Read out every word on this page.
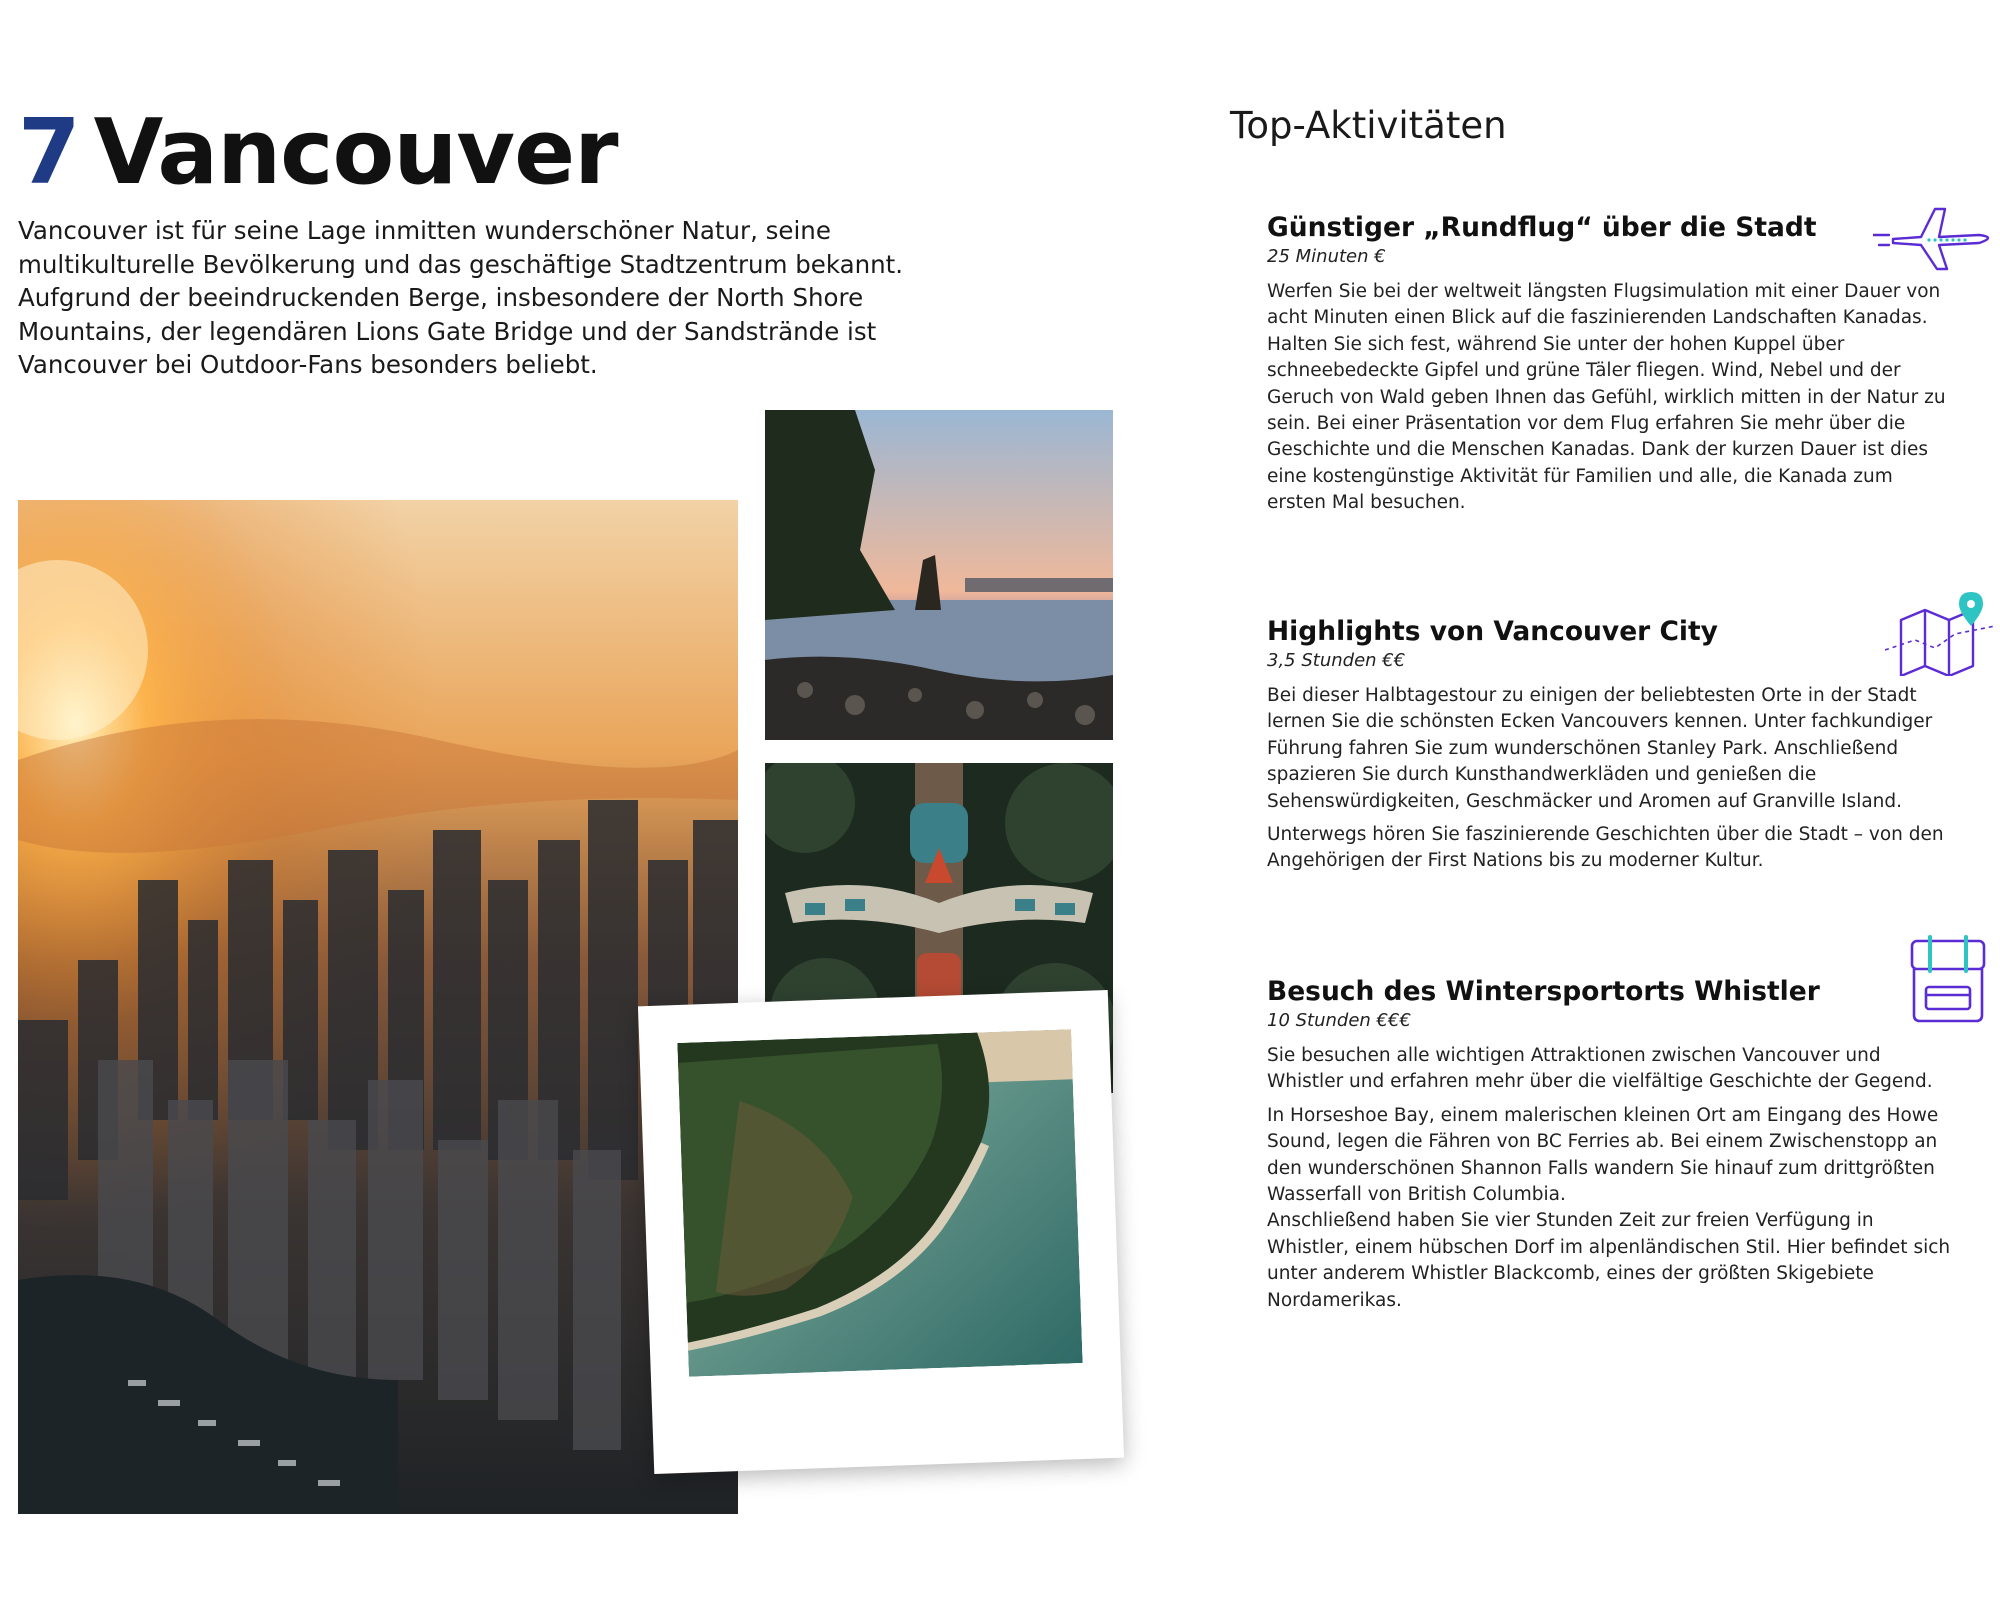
7 Vancouver

Vancouver ist für seine Lage inmitten wunderschöner Natur, seine multikulturelle Bevölkerung und das geschäftige Stadtzentrum bekannt. Aufgrund der beeindruckenden Berge, insbesondere der North Shore Mountains, der legendären Lions Gate Bridge und der Sandstrände ist Vancouver bei Outdoor-Fans besonders beliebt.

Top-Aktivitäten
Günstiger „Rundflug“ über die Stadt

25 Minuten €

Werfen Sie bei der weltweit längsten Flugsimulation mit einer Dauer von acht Minuten einen Blick auf die faszinierenden Landschaften Kanadas. Halten Sie sich fest, während Sie unter der hohen Kuppel über schneebedeckte Gipfel und grüne Täler fliegen. Wind, Nebel und der Geruch von Wald geben Ihnen das Gefühl, wirklich mitten in der Natur zu sein. Bei einer Präsentation vor dem Flug erfahren Sie mehr über die Geschichte und die Menschen Kanadas. Dank der kurzen Dauer ist dies eine kostengünstige Aktivität für Familien und alle, die Kanada zum ersten Mal besuchen.

Highlights von Vancouver City

3,5 Stunden €€

Bei dieser Halbtagestour zu einigen der beliebtesten Orte in der Stadt lernen Sie die schönsten Ecken Vancouvers kennen. Unter fachkundiger Führung fahren Sie zum wunderschönen Stanley Park. Anschließend spazieren Sie durch Kunsthandwerkläden und genießen die Sehenswürdigkeiten, Geschmäcker und Aromen auf Granville Island.

Unterwegs hören Sie faszinierende Geschichten über die Stadt – von den Angehörigen der First Nations bis zu moderner Kultur.

Besuch des Wintersportorts Whistler

10 Stunden €€€

Sie besuchen alle wichtigen Attraktionen zwischen Vancouver und Whistler und erfahren mehr über die vielfältige Geschichte der Gegend.

In Horseshoe Bay, einem malerischen kleinen Ort am Eingang des Howe Sound, legen die Fähren von BC Ferries ab. Bei einem Zwischenstopp an den wunderschönen Shannon Falls wandern Sie hinauf zum drittgrößten Wasserfall von British Columbia.

Anschließend haben Sie vier Stunden Zeit zur freien Verfügung in Whistler, einem hübschen Dorf im alpenländischen Stil. Hier befindet sich unter anderem Whistler Blackcomb, eines der größten Skigebiete Nordamerikas.
